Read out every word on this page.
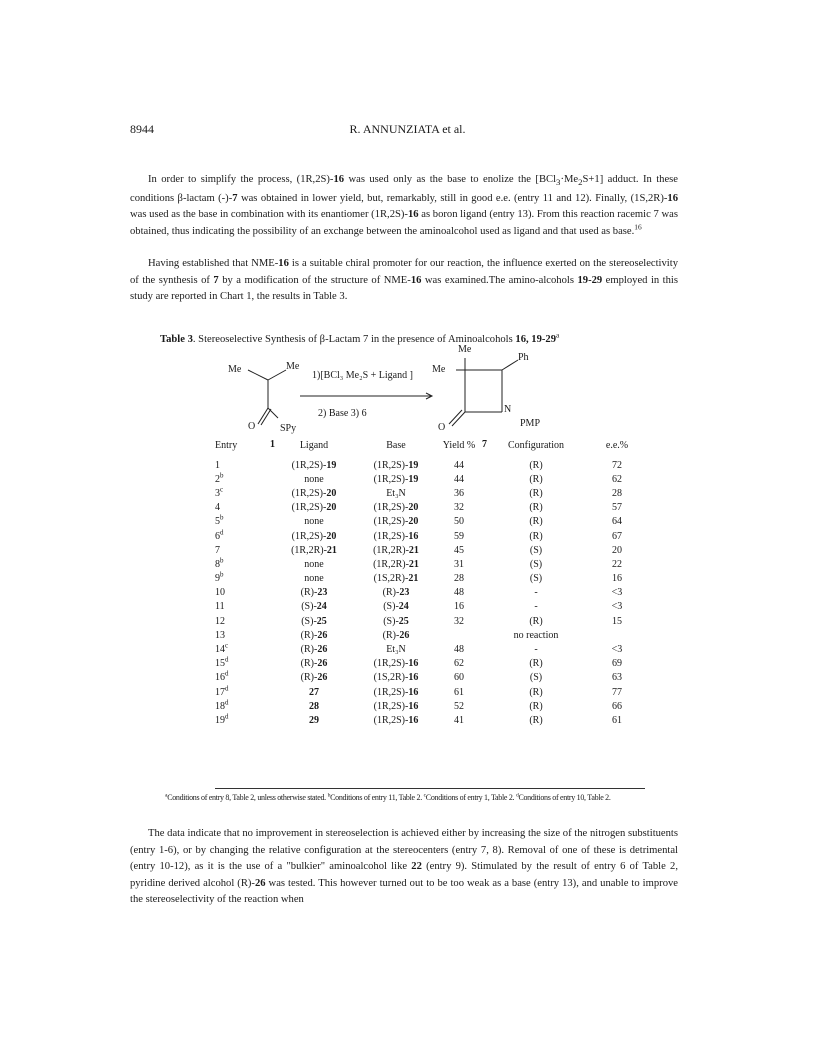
8944	R. ANNUNZIATA et al.
In order to simplify the process, (1R,2S)-16 was used only as the base to enolize the $[BCl_3\cdot Me_2S+1]$ adduct. In these conditions β-lactam (-)-7 was obtained in lower yield, but, remarkably, still in good e.e. (entry 11 and 12). Finally, (1S,2R)-16 was used as the base in combination with its enantiomer (1R,2S)-16 as boron ligand (entry 13). From this reaction racemic 7 was obtained, thus indicating the possibility of an exchange between the aminoalcohol used as ligand and that used as base.$^{16}$
Having established that NME-16 is a suitable chiral promoter for our reaction, the influence exerted on the stereoselectivity of the synthesis of 7 by a modification of the structure of NME-16 was examined.The amino-alcohols 19-29 employed in this study are reported in Chart 1, the results in Table 3.
Table 3. Stereoselective Synthesis of β-Lactam 7 in the presence of Aminoalcohols 16, 19-29$^a$
Me	Me
O SPy
1
1)[BCl₃ Me₂S + Ligand ]
2) Base 3) 6
Me
Me
Ph
N
PMP
O
7
Entry	Ligand	Base	Yield %	Configuration	e.e.%
1	(1R,2S)-19	(1R,2S)-19	44	(R)	72
2$^b$	none	(1R,2S)-19	44	(R)	62
3$^c$	(1R,2S)-20	Et₃N	36	(R)	28
4	(1R,2S)-20	(1R,2S)-20	32	(R)	57
5$^b$	none	(1R,2S)-20	50	(R)	64
6$^d$	(1R,2S)-20	(1R,2S)-16	59	(R)	67
7	(1R,2R)-21	(1R,2R)-21	45	(S)	20
8$^b$	none	(1R,2R)-21	31	(S)	22
9$^b$	none	(1S,2R)-21	28	(S)	16
10	(R)-23	(R)-23	48	-	<3
11	(S)-24	(S)-24	16	-	<3
12	(S)-25	(S)-25	32	(R)	15
13	(R)-26	(R)-26		no reaction	
14$^c$	(R)-26	Et₃N	48	-	<3
15$^d$	(R)-26	(1R,2S)-16	62	(R)	69
16$^d$	(R)-26	(1S,2R)-16	60	(S)	63
17$^d$	27	(1R,2S)-16	61	(R)	77
18$^d$	28	(1R,2S)-16	52	(R)	66
19$^d$	29	(1R,2S)-16	41	(R)	61
$^a$Conditions of entry 8, Table 2, unless otherwise stated. $^b$Conditions of entry 11, Table 2. $^c$Conditions of entry 1, Table 2. $^d$Conditions of entry 10, Table 2.
The data indicate that no improvement in stereoselection is achieved either by increasing the size of the nitrogen substituents (entry 1-6), or by changing the relative configuration at the stereocenters (entry 7, 8). Removal of one of these is detrimental (entry 10-12), as it is the use of a "bulkier" aminoalcohol like 22 (entry 9). Stimulated by the result of entry 6 of Table 2, pyridine derived alcohol (R)-26 was tested. This however turned out to be too weak as a base (entry 13), and unable to improve the stereoselectivity of the reaction when
